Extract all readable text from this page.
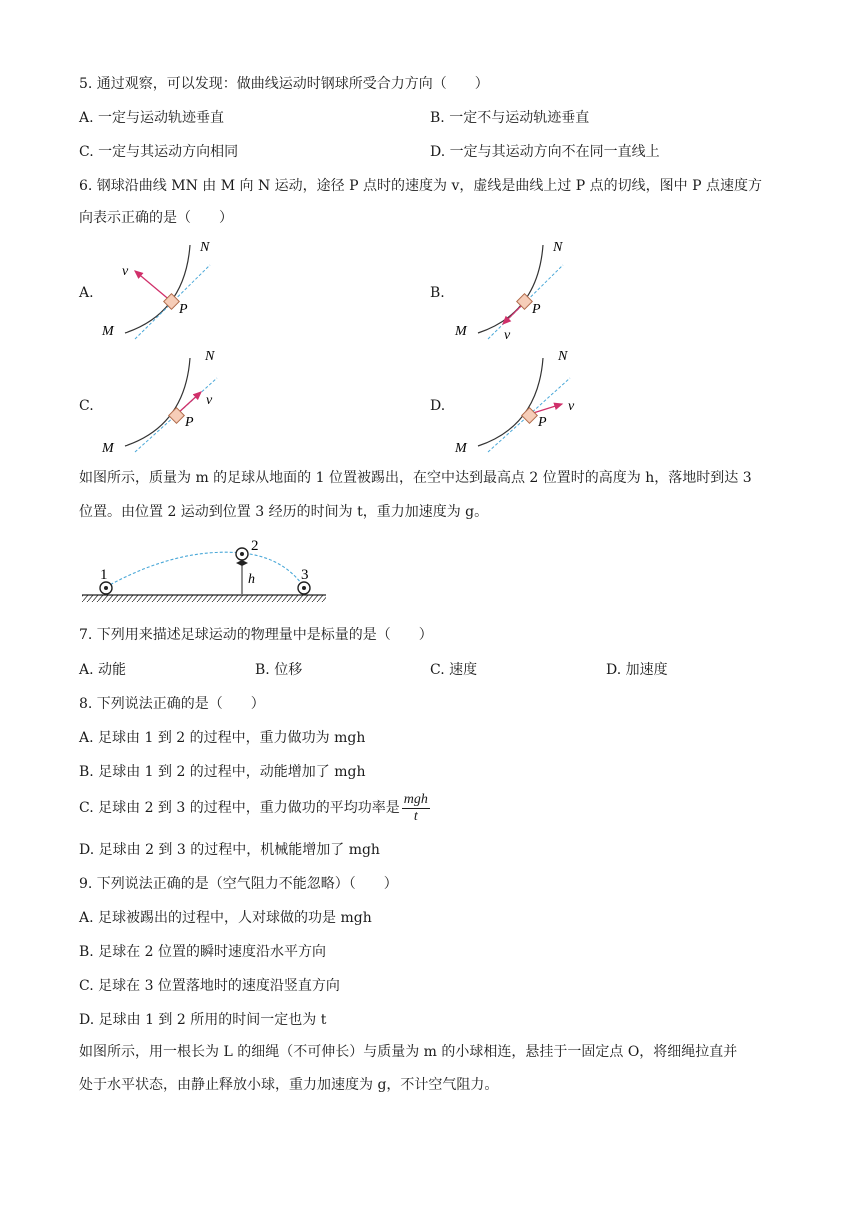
5. 通过观察，可以发现：做曲线运动时钢球所受合力方向（　　）
A. 一定与运动轨迹垂直	B. 一定不与运动轨迹垂直
C. 一定与其运动方向相同	D. 一定与其运动方向不在同一直线上
6. 钢球沿曲线 MN 由 M 向 N 运动，途径 P 点时的速度为 v，虚线是曲线上过 P 点的切线，图中 P 点速度方
向表示正确的是（　　）
A.	B.
C.	D.
N
M
P
v
N
M
P
v
N
M
P
v
N
M
P
v
如图所示，质量为 m 的足球从地面的 1 位置被踢出，在空中达到最高点 2 位置时的高度为 h，落地时到达 3
位置。由位置 2 运动到位置 3 经历的时间为 t，重力加速度为 g。
1
2
3
h
7. 下列用来描述足球运动的物理量中是标量的是（　　）
A. 动能	B. 位移	C. 速度	D. 加速度
8. 下列说法正确的是（　　）
A. 足球由 1 到 2 的过程中，重力做功为 mgh
B. 足球由 1 到 2 的过程中，动能增加了 mgh
C. 足球由 2 到 3 的过程中，重力做功的平均功率是 $\frac{\text{mgh}}{t}$
D. 足球由 2 到 3 的过程中，机械能增加了 mgh
9. 下列说法正确的是（空气阻力不能忽略）（　　）
A. 足球被踢出的过程中，人对球做的功是 mgh
B. 足球在 2 位置的瞬时速度沿水平方向
C. 足球在 3 位置落地时的速度沿竖直方向
D. 足球由 1 到 2 所用的时间一定也为 t
如图所示，用一根长为 L 的细绳（不可伸长）与质量为 m 的小球相连，悬挂于一固定点 O，将细绳拉直并
处于水平状态，由静止释放小球，重力加速度为 g，不计空气阻力。
